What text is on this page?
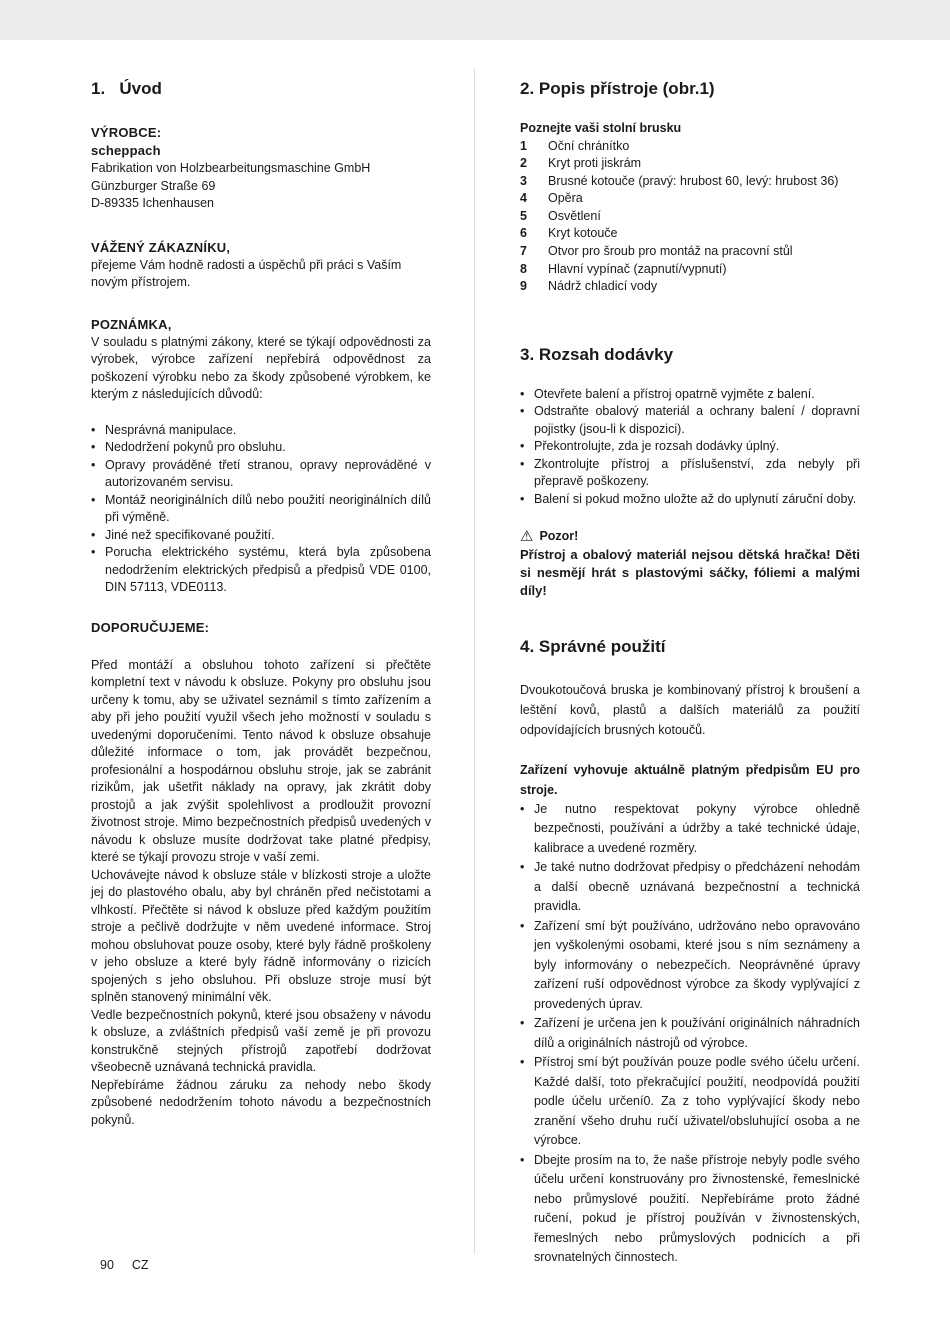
1.   Úvod
VÝROBCE:
scheppach
Fabrikation von Holzbearbeitungsmaschine GmbH
Günzburger Straße 69
D-89335 Ichenhausen
VÁŽENÝ ZÁKAZNÍKU,

přejeme Vám hodně radosti a úspěchů při práci s Vaším novým přístrojem.

POZNÁMKA,

V souladu s platnými zákony, které se týkají odpovědnosti za výrobek, výrobce zařízení nepřebírá odpovědnost za poškození výrobku nebo za škody způsobené výrobkem, ke kterým z následujících důvodů:

• Nesprávná manipulace.
• Nedodržení pokynů pro obsluhu.
• Opravy prováděné třetí stranou, opravy neprováděné v autorizovaném servisu.
• Montáž neoriginálních dílů nebo použití neoriginálních dílů při výměně.
• Jiné než specifikované použití.
• Porucha elektrického systému, která byla způsobena nedodržením elektrických předpisů a předpisů VDE 0100, DIN 57113, VDE0113.
DOPORUČUJEME:

Před montáží a obsluhou tohoto zařízení si přečtěte kompletní text v návodu k obsluze. Pokyny pro obsluhu jsou určeny k tomu, aby se uživatel seznámil s tímto zařízením a aby při jeho použití využil všech jeho možností v souladu s uvedenými doporučeními. Tento návod k obsluze obsahuje důležité informace o tom, jak provádět bezpečnou, profesionální a hospodárnou obsluhu stroje, jak se zabránit rizikům, jak ušetřit náklady na opravy, jak zkrátit doby prostojů a jak zvýšit spolehlivost a prodloužit provozní životnost stroje. Mimo bezpečnostních předpisů uvedených v návodu k obsluze musíte dodržovat take platné předpisy, které se týkají provozu stroje v vaší zemi.

Uchovávejte návod k obsluze stále v blízkosti stroje a uložte jej do plastového obalu, aby byl chráněn před nečistotami a vlhkostí. Přečtěte si návod k obsluze před každým použitím stroje a pečlivě dodržujte v něm uvedené informace. Stroj mohou obsluhovat pouze osoby, které byly řádně proškoleny v jeho obsluze a které byly řádně informovány o rizicích spojených s jeho obsluhou. Při obsluze stroje musí být splněn stanovený minimální věk.

Vedle bezpečnostních pokynů, které jsou obsaženy v návodu k obsluze, a zvláštních předpisů vaší země je při provozu konstrukčně stejných přístrojů zapotřebí dodržovat všeobecně uznávaná technická pravidla.

Nepřebíráme žádnou záruku za nehody nebo škody způsobené nedodržením tohoto návodu a bezpečnostních pokynů.

2. Popis přístroje (obr.1)
Poznejte vaši stolní brusku
1	Oční chránítko
2	Kryt proti jiskrám
3	Brusné kotouče (pravý: hrubost 60, levý: hrubost 36)
4	Opěra
5	Osvětlení
6	Kryt kotouče
7	Otvor pro šroub pro montáž na pracovní stůl
8	Hlavní vypínač (zapnutí/vypnutí)
9	Nádrž chladicí vody
3. Rozsah dodávky
• Otevřete balení a přístroj opatrně vyjměte z balení.
• Odstraňte obalový materiál a ochrany balení / dopravní pojistky (jsou-li k dispozici).
• Překontrolujte, zda je rozsah dodávky úplný.
• Zkontrolujte přístroj a příslušenství, zda nebyly při přepravě poškozeny.
• Balení si pokud možno uložte až do uplynutí záruční doby.
⚠ Pozor!

Přístroj a obalový materiál nejsou dětská hračka! Děti si nesmějí hrát s plastovými sáčky, fóliemi a malými díly!

4. Správné použití

Dvoukotoučová bruska je kombinovaný přístroj k broušení a leštění kovů, plastů a dalších materiálů za použití odpovídajících brusných kotoučů.

Zařízení vyhovuje aktuálně platným předpisům EU pro stroje.

• Je nutno respektovat pokyny výrobce ohledně bezpečnosti, používání a údržby a také technické údaje, kalibrace a uvedené rozměry.
• Je také nutno dodržovat předpisy o předcházení nehodám a další obecně uznávaná bezpečnostní a technická pravidla.
• Zařízení smí být používáno, udržováno nebo opravováno jen vyškolenými osobami, které jsou s ním seznámeny a byly informovány o nebezpečích. Neoprávněné úpravy zařízení ruší odpovědnost výrobce za škody vyplývající z provedených úprav.
• Zařízení je určena jen k používání originálních náhradních dílů a originálních nástrojů od výrobce.
• Přístroj smí být používán pouze podle svého účelu určení. Každé další, toto překračující použití, neodpovídá použití podle účelu určení0. Za z toho vyplývající škody nebo zranění všeho druhu ručí uživatel/obsluhující osoba a ne výrobce.
• Dbejte prosím na to, že naše přístroje nebyly podle svého účelu určení konstruovány pro živnostenské, řemeslnické nebo průmyslové použití. Nepřebíráme proto žádné ručení, pokud je přístroj používán v živnostenských, řemeslných nebo průmyslových podnicích a při srovnatelných činnostech.
90 CZ
